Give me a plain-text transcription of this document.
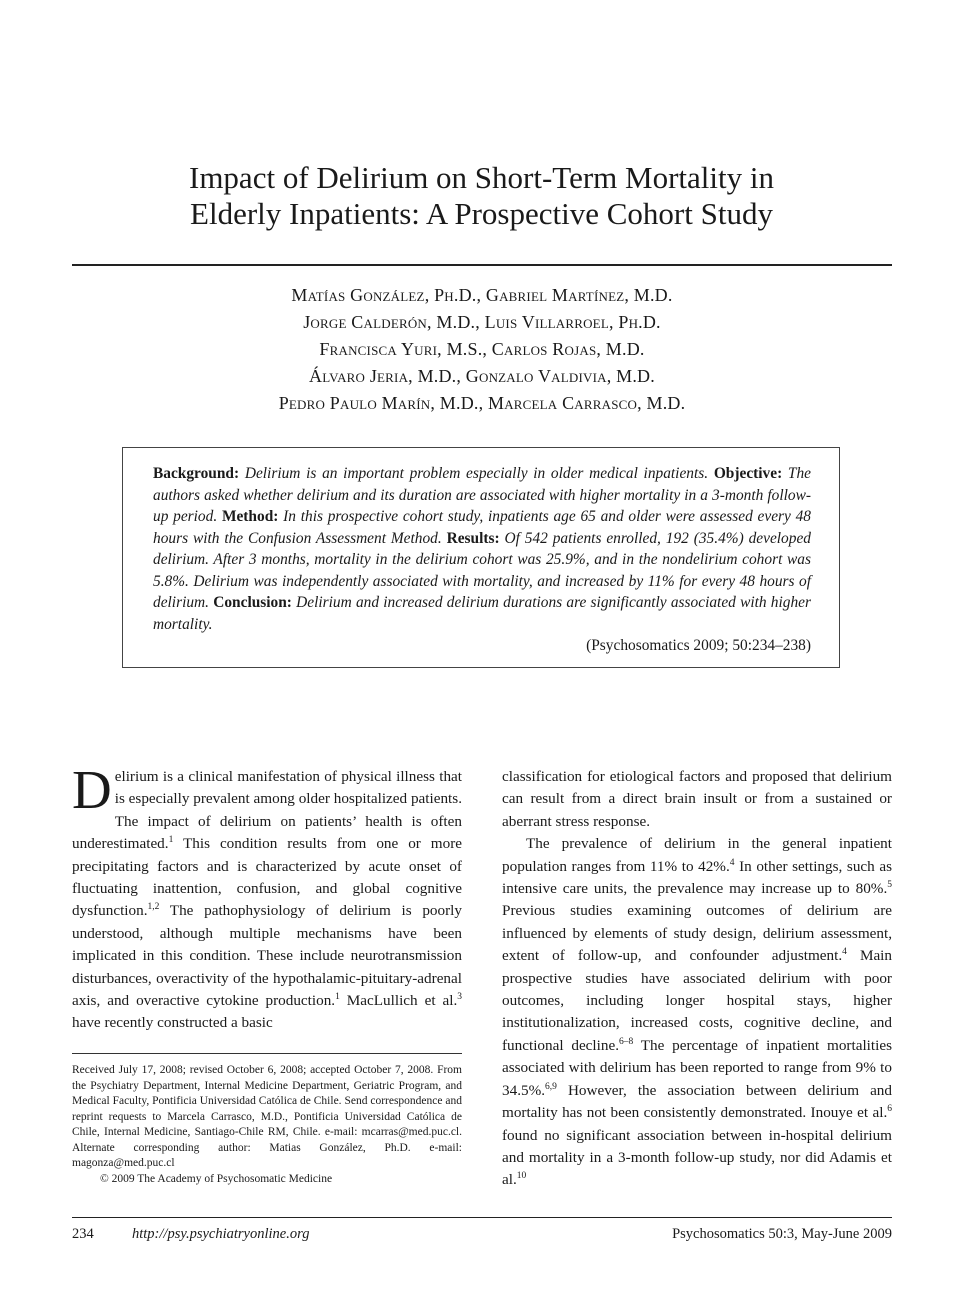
Impact of Delirium on Short-Term Mortality in
Elderly Inpatients: A Prospective Cohort Study
Matías González, Ph.D., Gabriel Martínez, M.D.
Jorge Calderón, M.D., Luis Villarroel, Ph.D.
Francisca Yuri, M.S., Carlos Rojas, M.D.
Álvaro Jeria, M.D., Gonzalo Valdivia, M.D.
Pedro Paulo Marín, M.D., Marcela Carrasco, M.D.
Background: Delirium is an important problem especially in older medical inpatients. Objective: The authors asked whether delirium and its duration are associated with higher mortality in a 3-month follow-up period. Method: In this prospective cohort study, inpatients age 65 and older were assessed every 48 hours with the Confusion Assessment Method. Results: Of 542 patients enrolled, 192 (35.4%) developed delirium. After 3 months, mortality in the delirium cohort was 25.9%, and in the nondelirium cohort was 5.8%. Delirium was independently associated with mortality, and increased by 11% for every 48 hours of delirium. Conclusion: Delirium and increased delirium durations are significantly associated with higher mortality.
(Psychosomatics 2009; 50:234–238)

Delirium is a clinical manifestation of physical illness that is especially prevalent among older hospitalized patients. The impact of delirium on patients’ health is often underestimated.$^1$ This condition results from one or more precipitating factors and is characterized by acute onset of fluctuating inattention, confusion, and global cognitive dysfunction.$^{1,2}$ The pathophysiology of delirium is poorly understood, although multiple mechanisms have been implicated in this condition. These include neurotransmission disturbances, overactivity of the hypothalamic-pituitary-adrenal axis, and overactive cytokine production.$^1$ MacLullich et al.$^3$ have recently constructed a basic

Received July 17, 2008; revised October 6, 2008; accepted October 7, 2008. From the Psychiatry Department, Internal Medicine Department, Geriatric Program, and Medical Faculty, Pontificia Universidad Católica de Chile. Send correspondence and reprint requests to Marcela Carrasco, M.D., Pontificia Universidad Católica de Chile, Internal Medicine, Santiago-Chile RM, Chile. e-mail: mcarras@med.puc.cl. Alternate corresponding author: Matias González, Ph.D. e-mail: magonza@med.puc.cl

© 2009 The Academy of Psychosomatic Medicine

classification for etiological factors and proposed that delirium can result from a direct brain insult or from a sustained or aberrant stress response.

The prevalence of delirium in the general inpatient population ranges from 11% to 42%.$^4$ In other settings, such as intensive care units, the prevalence may increase up to 80%.$^5$ Previous studies examining outcomes of delirium are influenced by elements of study design, delirium assessment, extent of follow-up, and confounder adjustment.$^4$ Main prospective studies have associated delirium with poor outcomes, including longer hospital stays, higher institutionalization, increased costs, cognitive decline, and functional decline.$^{6-8}$ The percentage of inpatient mortalities associated with delirium has been reported to range from 9% to 34.5%.$^{6,9}$ However, the association between delirium and mortality has not been consistently demonstrated. Inouye et al.$^6$ found no significant association between in-hospital delirium and mortality in a 3-month follow-up study, nor did Adamis et al.$^{10}$

234	http://psy.psychiatryonline.org	Psychosomatics 50:3, May-June 2009
